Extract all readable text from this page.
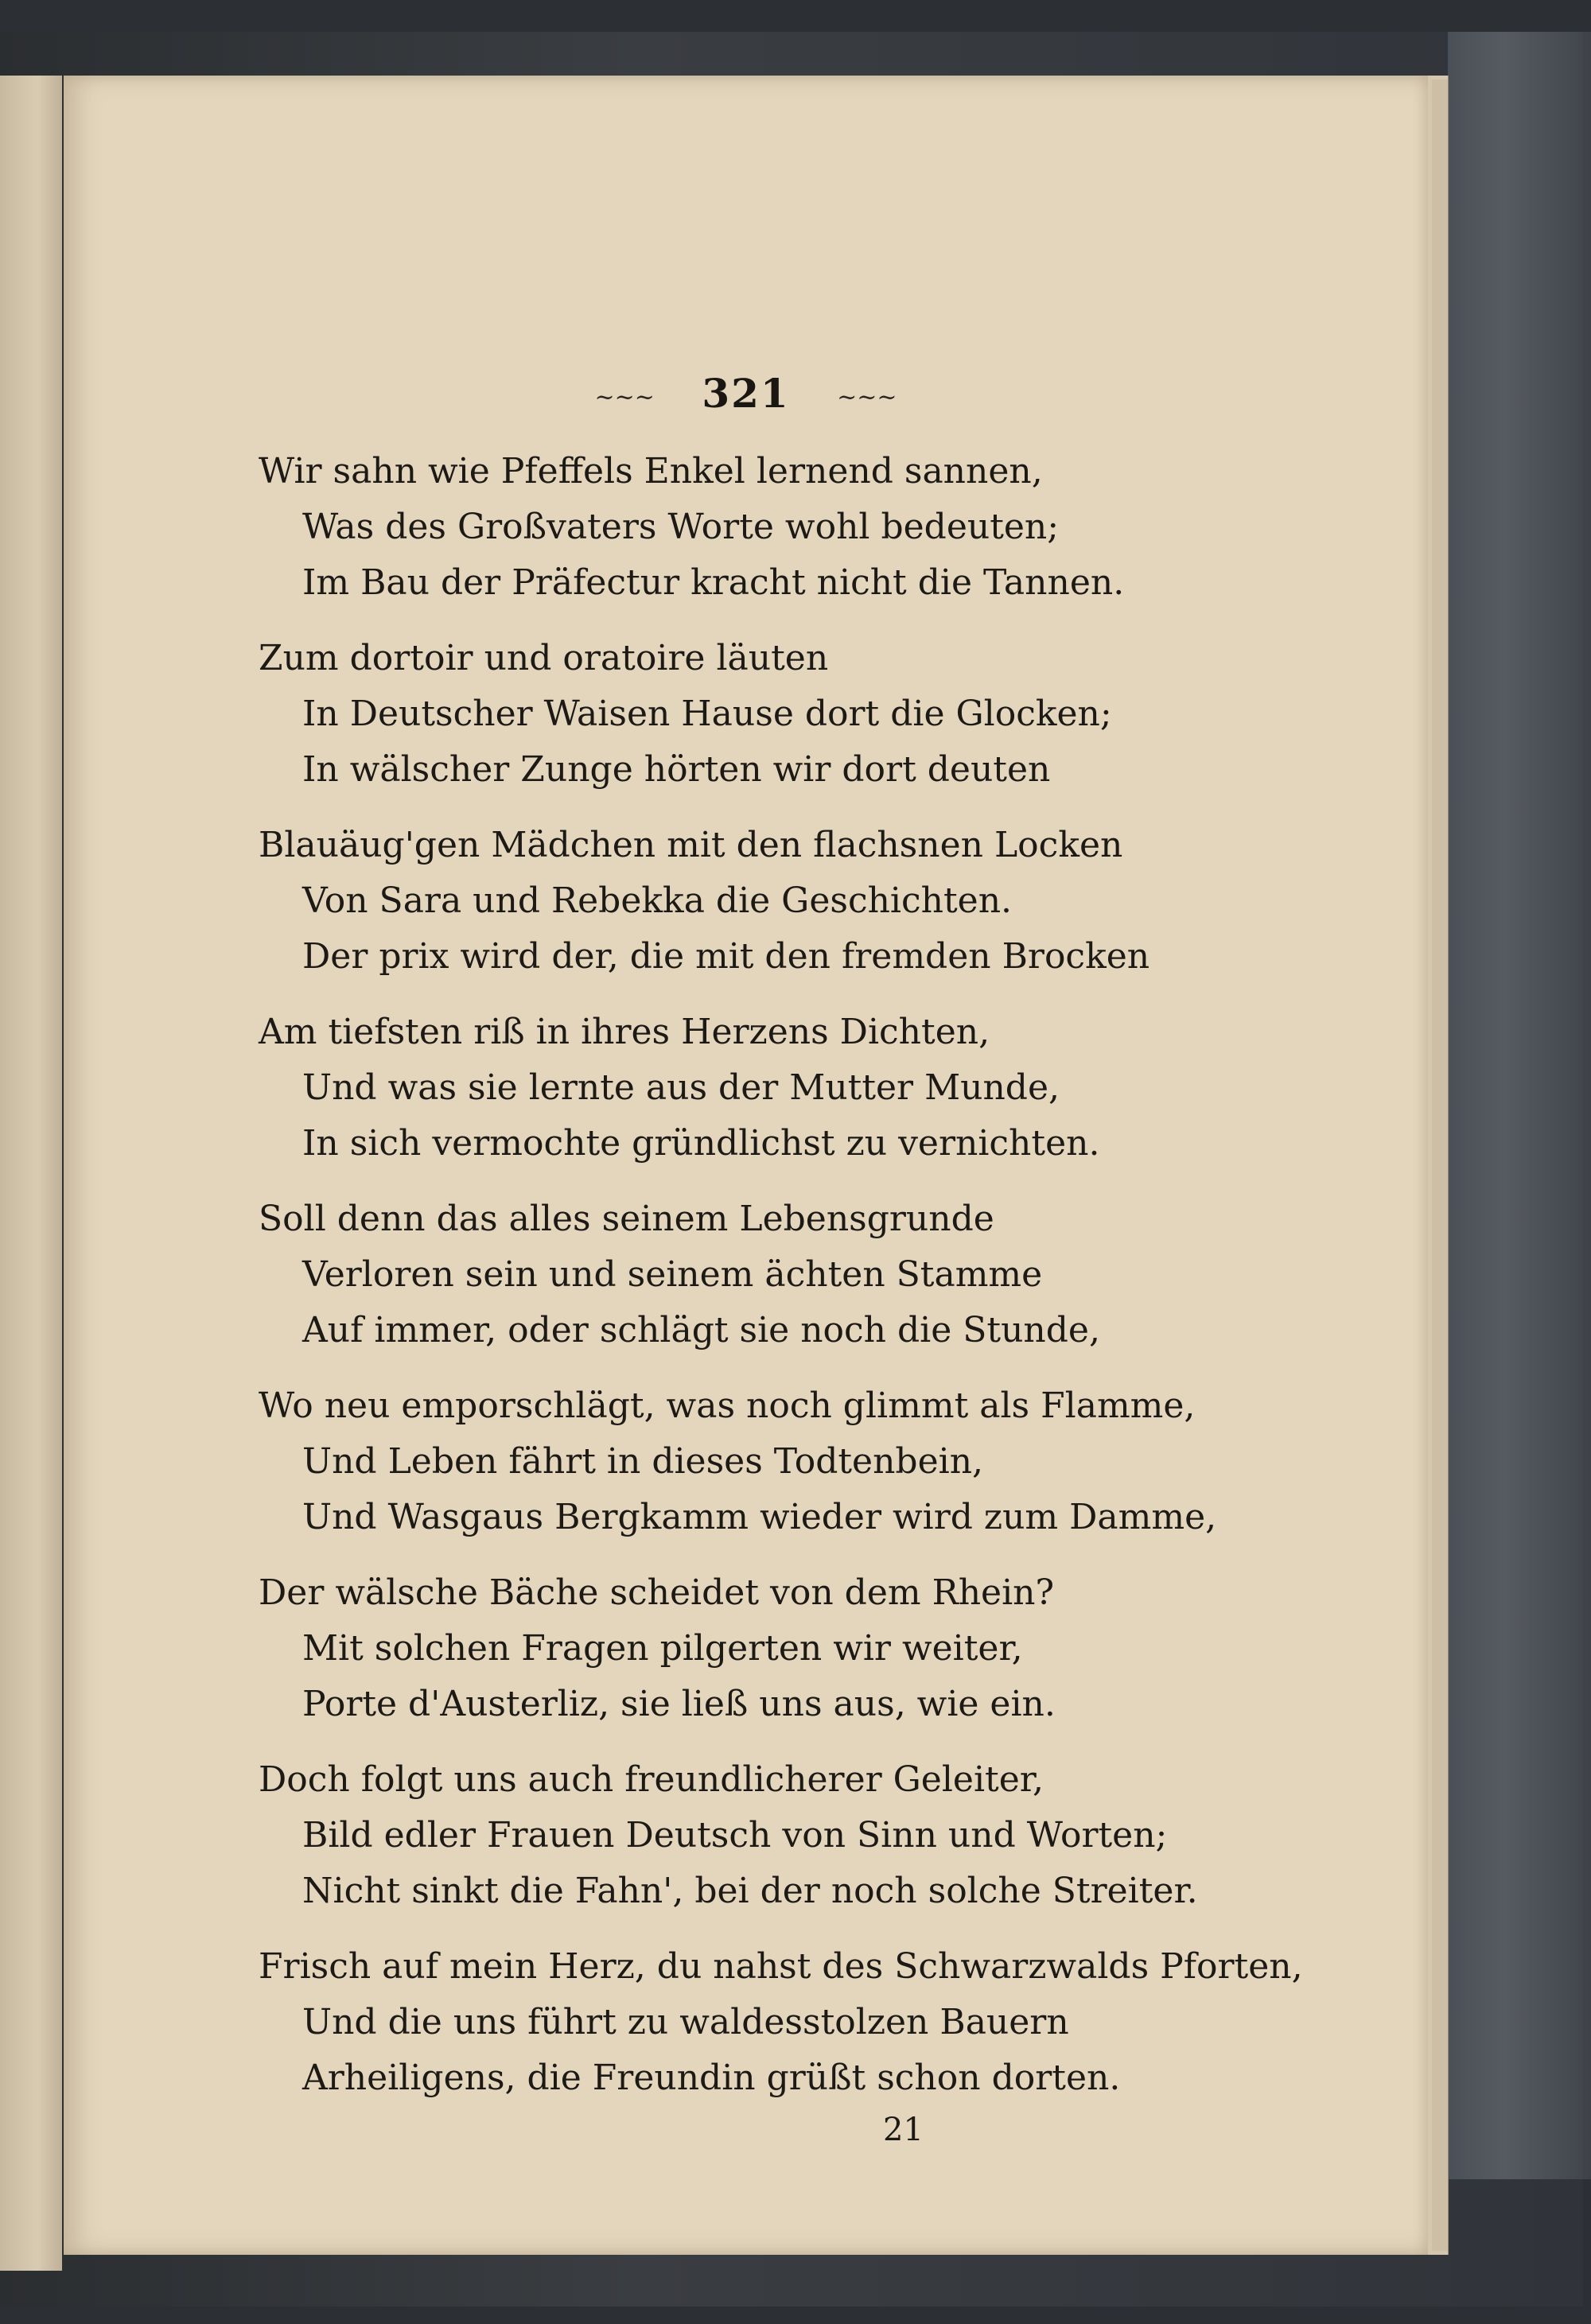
~~~ 321 ~~~
Wir sahn wie Pfeffels Enkel lernend sannen,
Was des Großvaters Worte wohl bedeuten;
Im Bau der Präfectur kracht nicht die Tannen.
Zum dortoir und oratoire läuten
In Deutscher Waisen Hause dort die Glocken;
In wälscher Zunge hörten wir dort deuten
Blauäug'gen Mädchen mit den flachsnen Locken
Von Sara und Rebekka die Geschichten.
Der prix wird der, die mit den fremden Brocken
Am tiefsten riß in ihres Herzens Dichten,
Und was sie lernte aus der Mutter Munde,
In sich vermochte gründlichst zu vernichten.
Soll denn das alles seinem Lebensgrunde
Verloren sein und seinem ächten Stamme
Auf immer, oder schlägt sie noch die Stunde,
Wo neu emporschlägt, was noch glimmt als Flamme,
Und Leben fährt in dieses Todtenbein,
Und Wasgaus Bergkamm wieder wird zum Damme,
Der wälsche Bäche scheidet von dem Rhein?
Mit solchen Fragen pilgerten wir weiter,
Porte d'Austerliz, sie ließ uns aus, wie ein.
Doch folgt uns auch freundlicherer Geleiter,
Bild edler Frauen Deutsch von Sinn und Worten;
Nicht sinkt die Fahn', bei der noch solche Streiter.
Frisch auf mein Herz, du nahst des Schwarzwalds Pforten,
Und die uns führt zu waldesstolzen Bauern
Arheiligens, die Freundin grüßt schon dorten.
21
